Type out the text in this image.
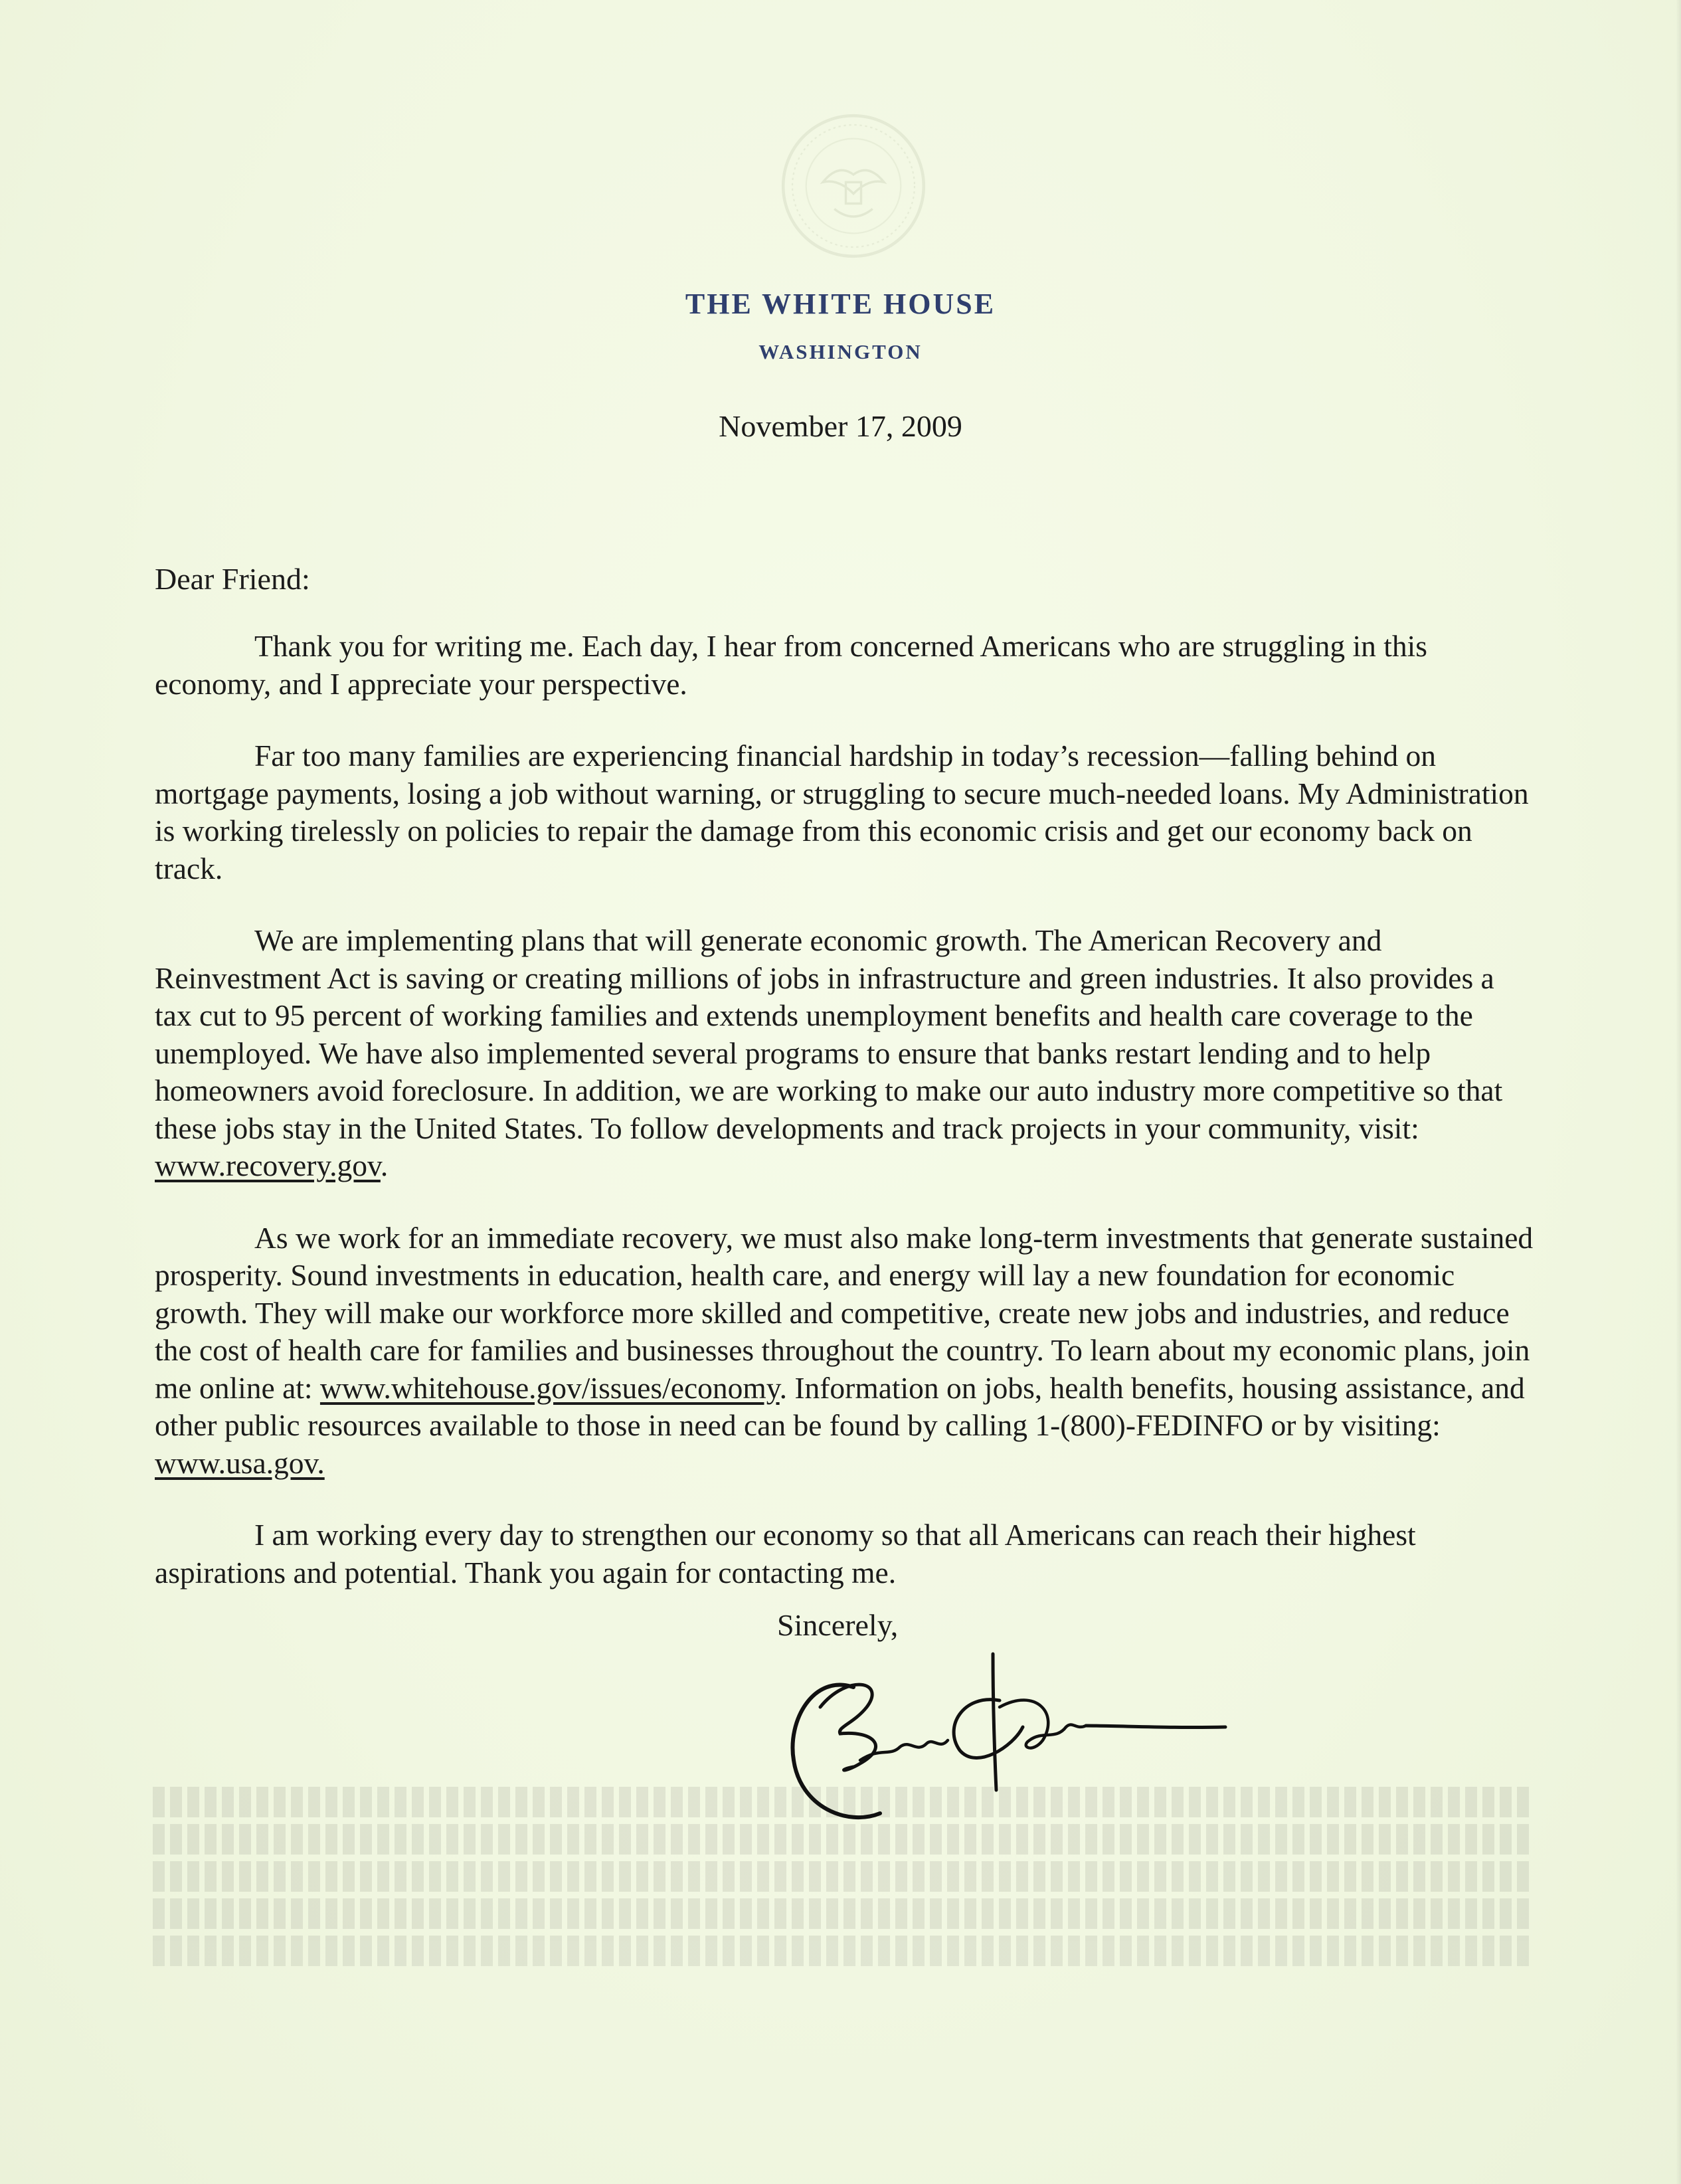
THE WHITE HOUSE
WASHINGTON
November 17, 2009
Dear Friend:

Thank you for writing me. Each day, I hear from concerned Americans who are struggling in this economy, and I appreciate your perspective.

Far too many families are experiencing financial hardship in today’s recession—falling behind on mortgage payments, losing a job without warning, or struggling to secure much-needed loans. My Administration is working tirelessly on policies to repair the damage from this economic crisis and get our economy back on track.

We are implementing plans that will generate economic growth. The American Recovery and Reinvestment Act is saving or creating millions of jobs in infrastructure and green industries. It also provides a tax cut to 95 percent of working families and extends unemployment benefits and health care coverage to the unemployed. We have also implemented several programs to ensure that banks restart lending and to help homeowners avoid foreclosure. In addition, we are working to make our auto industry more competitive so that these jobs stay in the United States. To follow developments and track projects in your community, visit: www.recovery.gov.

As we work for an immediate recovery, we must also make long-term investments that generate sustained prosperity. Sound investments in education, health care, and energy will lay a new foundation for economic growth. They will make our workforce more skilled and competitive, create new jobs and industries, and reduce the cost of health care for families and businesses throughout the country. To learn about my economic plans, join me online at: www.whitehouse.gov/issues/economy. Information on jobs, health benefits, housing assistance, and other public resources available to those in need can be found by calling 1-(800)-FEDINFO or by visiting: www.usa.gov.

I am working every day to strengthen our economy so that all Americans can reach their highest aspirations and potential. Thank you again for contacting me.

Sincerely,
